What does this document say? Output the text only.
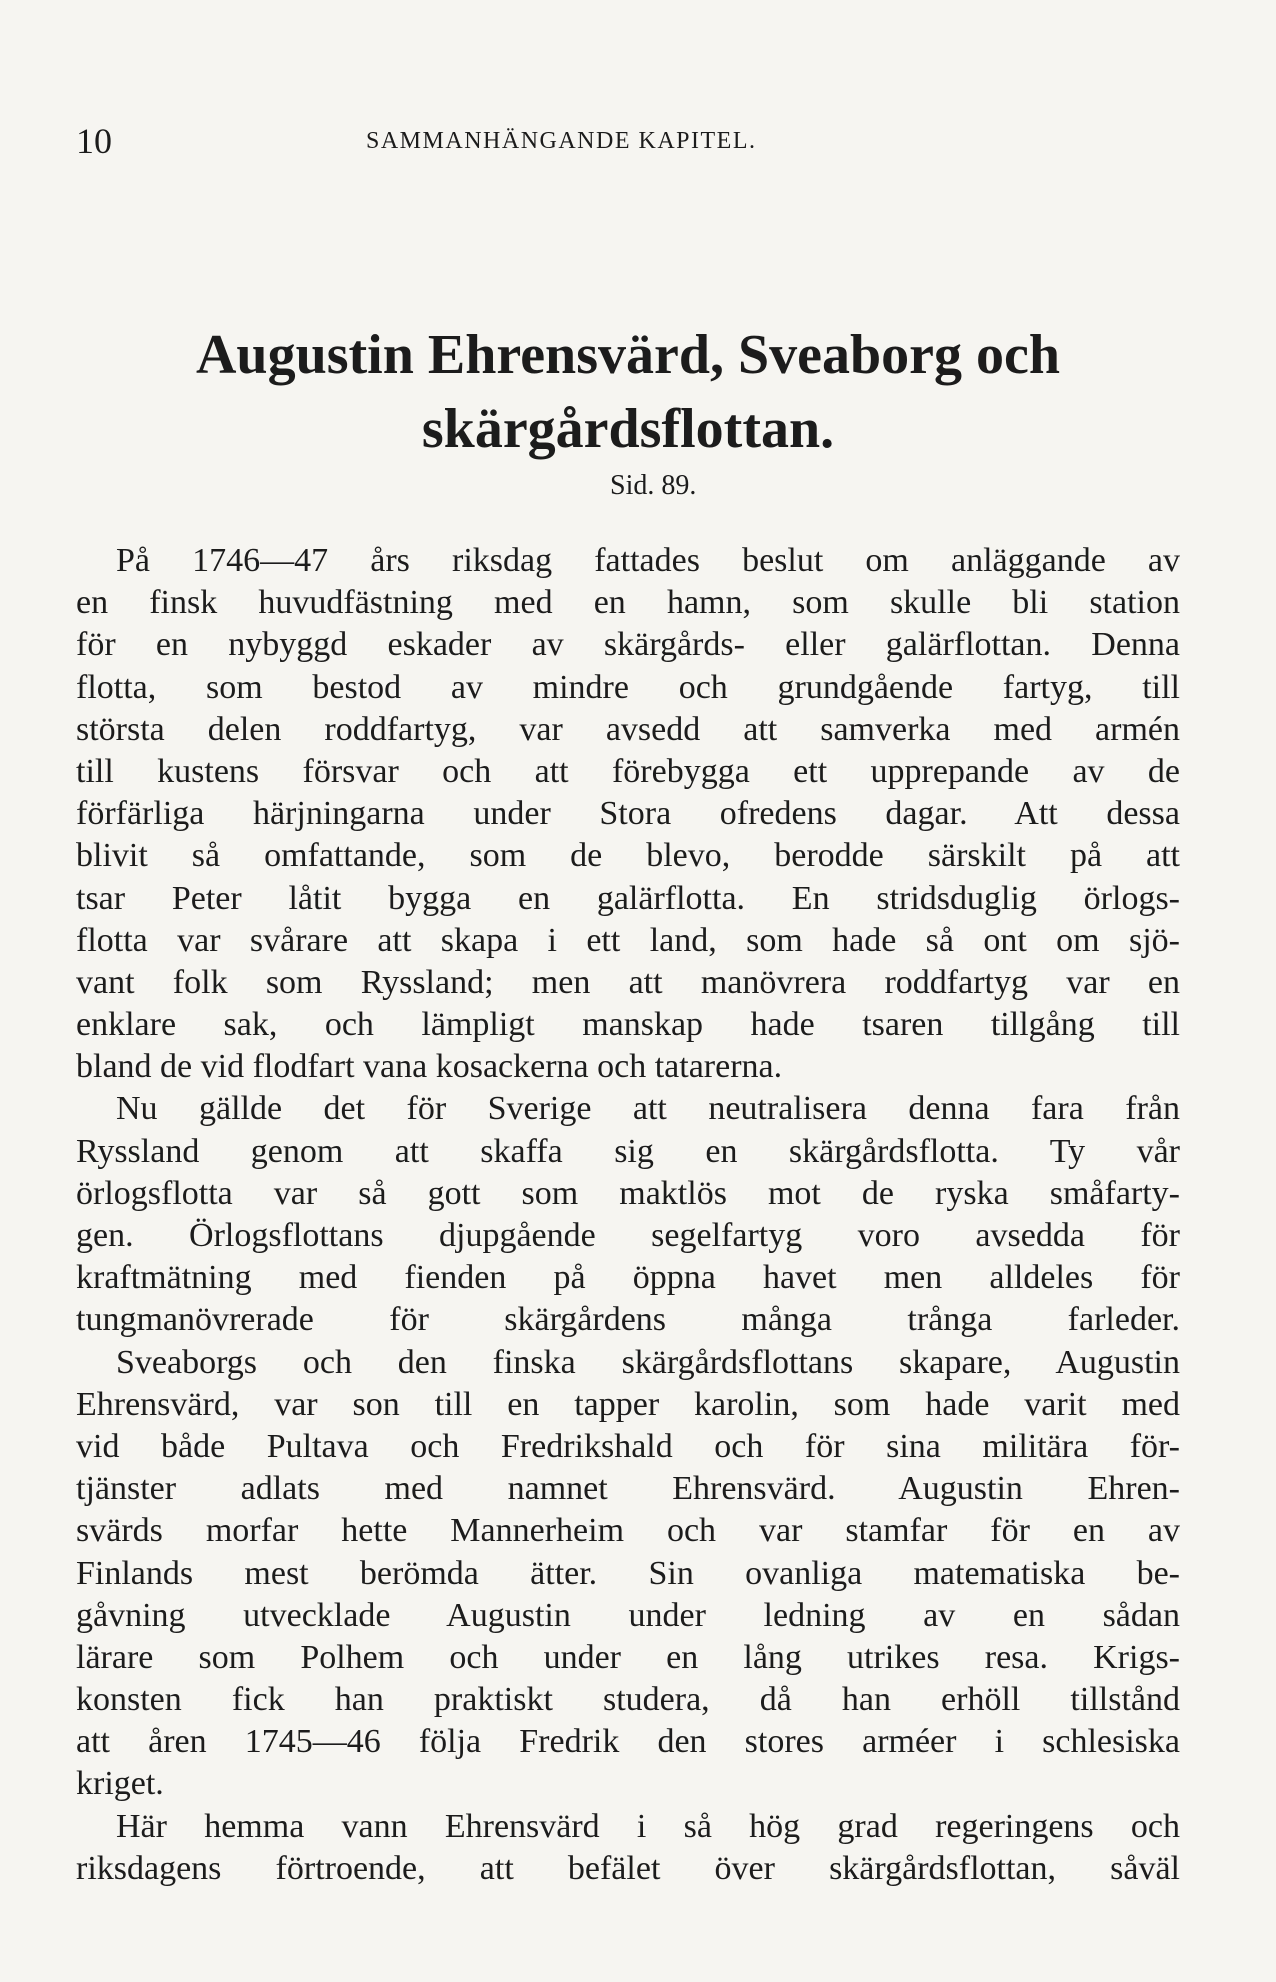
10	SAMMANHÄNGANDE KAPITEL.
Augustin Ehrensvärd, Sveaborg och
skärgårdsflottan.
Sid. 89.
På 1746—47 års riksdag fattades beslut om anläggande av
en finsk huvudfästning med en hamn, som skulle bli station
för en nybyggd eskader av skärgårds- eller galärflottan. Denna
flotta, som bestod av mindre och grundgående fartyg, till
största delen roddfartyg, var avsedd att samverka med armén
till kustens försvar och att förebygga ett upprepande av de
förfärliga härjningarna under Stora ofredens dagar. Att dessa
blivit så omfattande, som de blevo, berodde särskilt på att
tsar Peter låtit bygga en galärflotta. En stridsduglig örlogs-
flotta var svårare att skapa i ett land, som hade så ont om sjö-
vant folk som Ryssland; men att manövrera roddfartyg var en
enklare sak, och lämpligt manskap hade tsaren tillgång till
bland de vid flodfart vana kosackerna och tatarerna.
Nu gällde det för Sverige att neutralisera denna fara från
Ryssland genom att skaffa sig en skärgårdsflotta. Ty vår
örlogsflotta var så gott som maktlös mot de ryska småfarty-
gen. Örlogsflottans djupgående segelfartyg voro avsedda för
kraftmätning med fienden på öppna havet men alldeles för
tungmanövrerade för skärgårdens många trånga farleder.
Sveaborgs och den finska skärgårdsflottans skapare, Augustin
Ehrensvärd, var son till en tapper karolin, som hade varit med
vid både Pultava och Fredrikshald och för sina militära för-
tjänster adlats med namnet Ehrensvärd. Augustin Ehren-
svärds morfar hette Mannerheim och var stamfar för en av
Finlands mest berömda ätter. Sin ovanliga matematiska be-
gåvning utvecklade Augustin under ledning av en sådan
lärare som Polhem och under en lång utrikes resa. Krigs-
konsten fick han praktiskt studera, då han erhöll tillstånd
att åren 1745—46 följa Fredrik den stores arméer i schlesiska
kriget.
Här hemma vann Ehrensvärd i så hög grad regeringens och
riksdagens förtroende, att befälet över skärgårdsflottan, såväl
